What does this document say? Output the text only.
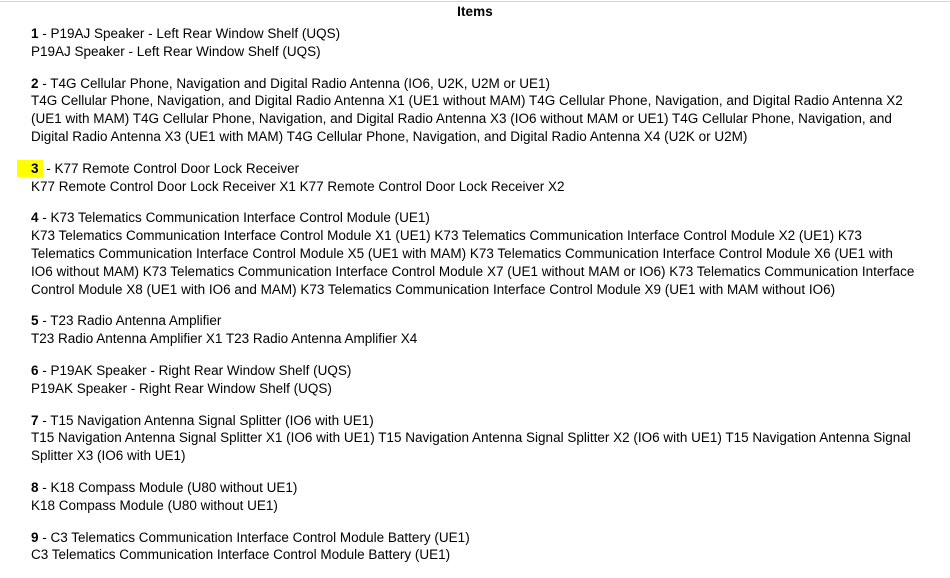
Items
1 - P19AJ Speaker - Left Rear Window Shelf (UQS)
P19AJ Speaker - Left Rear Window Shelf (UQS)
2 - T4G Cellular Phone, Navigation and Digital Radio Antenna (IO6, U2K, U2M or UE1)
T4G Cellular Phone, Navigation, and Digital Radio Antenna X1 (UE1 without MAM) T4G Cellular Phone, Navigation, and Digital Radio Antenna X2 (UE1 with MAM) T4G Cellular Phone, Navigation, and Digital Radio Antenna X3 (IO6 without MAM or UE1) T4G Cellular Phone, Navigation, and Digital Radio Antenna X3 (UE1 with MAM) T4G Cellular Phone, Navigation, and Digital Radio Antenna X4 (U2K or U2M)
3 - K77 Remote Control Door Lock Receiver
K77 Remote Control Door Lock Receiver X1 K77 Remote Control Door Lock Receiver X2
4 - K73 Telematics Communication Interface Control Module (UE1)
K73 Telematics Communication Interface Control Module X1 (UE1) K73 Telematics Communication Interface Control Module X2 (UE1) K73 Telematics Communication Interface Control Module X5 (UE1 with MAM) K73 Telematics Communication Interface Control Module X6 (UE1 with IO6 without MAM) K73 Telematics Communication Interface Control Module X7 (UE1 without MAM or IO6) K73 Telematics Communication Interface Control Module X8 (UE1 with IO6 and MAM) K73 Telematics Communication Interface Control Module X9 (UE1 with MAM without IO6)
5 - T23 Radio Antenna Amplifier
T23 Radio Antenna Amplifier X1 T23 Radio Antenna Amplifier X4
6 - P19AK Speaker - Right Rear Window Shelf (UQS)
P19AK Speaker - Right Rear Window Shelf (UQS)
7 - T15 Navigation Antenna Signal Splitter (IO6 with UE1)
T15 Navigation Antenna Signal Splitter X1 (IO6 with UE1) T15 Navigation Antenna Signal Splitter X2 (IO6 with UE1) T15 Navigation Antenna Signal Splitter X3 (IO6 with UE1)
8 - K18 Compass Module (U80 without UE1)
K18 Compass Module (U80 without UE1)
9 - C3 Telematics Communication Interface Control Module Battery (UE1)
C3 Telematics Communication Interface Control Module Battery (UE1)
